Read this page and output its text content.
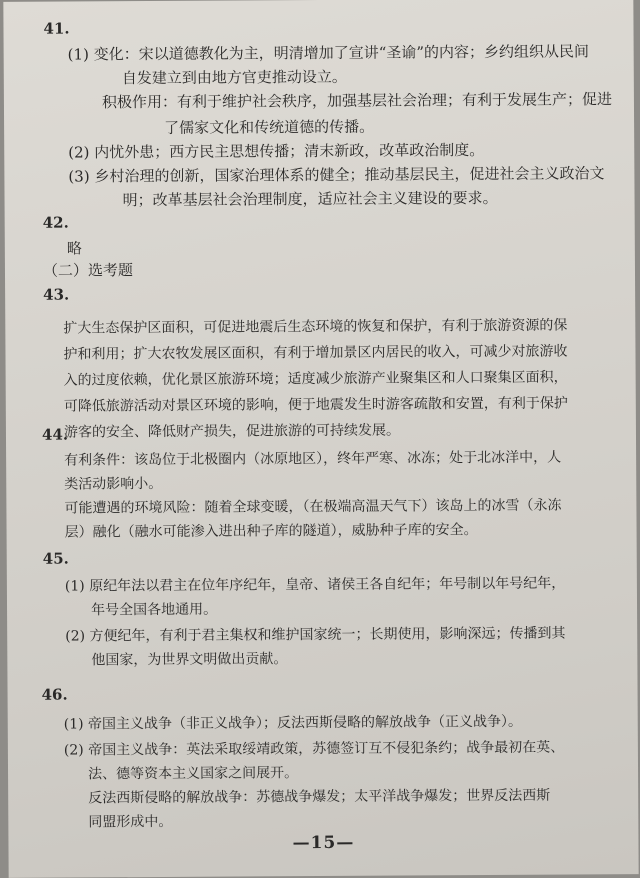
41.
(1) 变化：宋以道德教化为主，明清增加了宣讲“圣谕”的内容；乡约组织从民间
自发建立到由地方官吏推动设立。
积极作用：有利于维护社会秩序，加强基层社会治理；有利于发展生产；促进
了儒家文化和传统道德的传播。
(2) 内忧外患；西方民主思想传播；清末新政，改革政治制度。
(3) 乡村治理的创新，国家治理体系的健全；推动基层民主，促进社会主义政治文
明；改革基层社会治理制度，适应社会主义建设的要求。
42.
略
（二）选考题
43.
扩大生态保护区面积，可促进地震后生态环境的恢复和保护，有利于旅游资源的保
护和利用；扩大农牧发展区面积，有利于增加景区内居民的收入，可减少对旅游收
入的过度依赖，优化景区旅游环境；适度减少旅游产业聚集区和人口聚集区面积，
可降低旅游活动对景区环境的影响，便于地震发生时游客疏散和安置，有利于保护
游客的安全、降低财产损失，促进旅游的可持续发展。
44.
有利条件：该岛位于北极圈内（冰原地区），终年严寒、冰冻；处于北冰洋中，人
类活动影响小。
可能遭遇的环境风险：随着全球变暖，（在极端高温天气下）该岛上的冰雪（永冻
层）融化（融水可能渗入进出种子库的隧道），威胁种子库的安全。
45.
(1) 原纪年法以君主在位年序纪年，皇帝、诸侯王各自纪年；年号制以年号纪年，
年号全国各地通用。
(2) 方便纪年，有利于君主集权和维护国家统一；长期使用，影响深远；传播到其
他国家，为世界文明做出贡献。
46.
(1) 帝国主义战争（非正义战争）；反法西斯侵略的解放战争（正义战争）。
(2) 帝国主义战争：英法采取绥靖政策，苏德签订互不侵犯条约；战争最初在英、
法、德等资本主义国家之间展开。
反法西斯侵略的解放战争：苏德战争爆发；太平洋战争爆发；世界反法西斯
同盟形成中。
—15—
